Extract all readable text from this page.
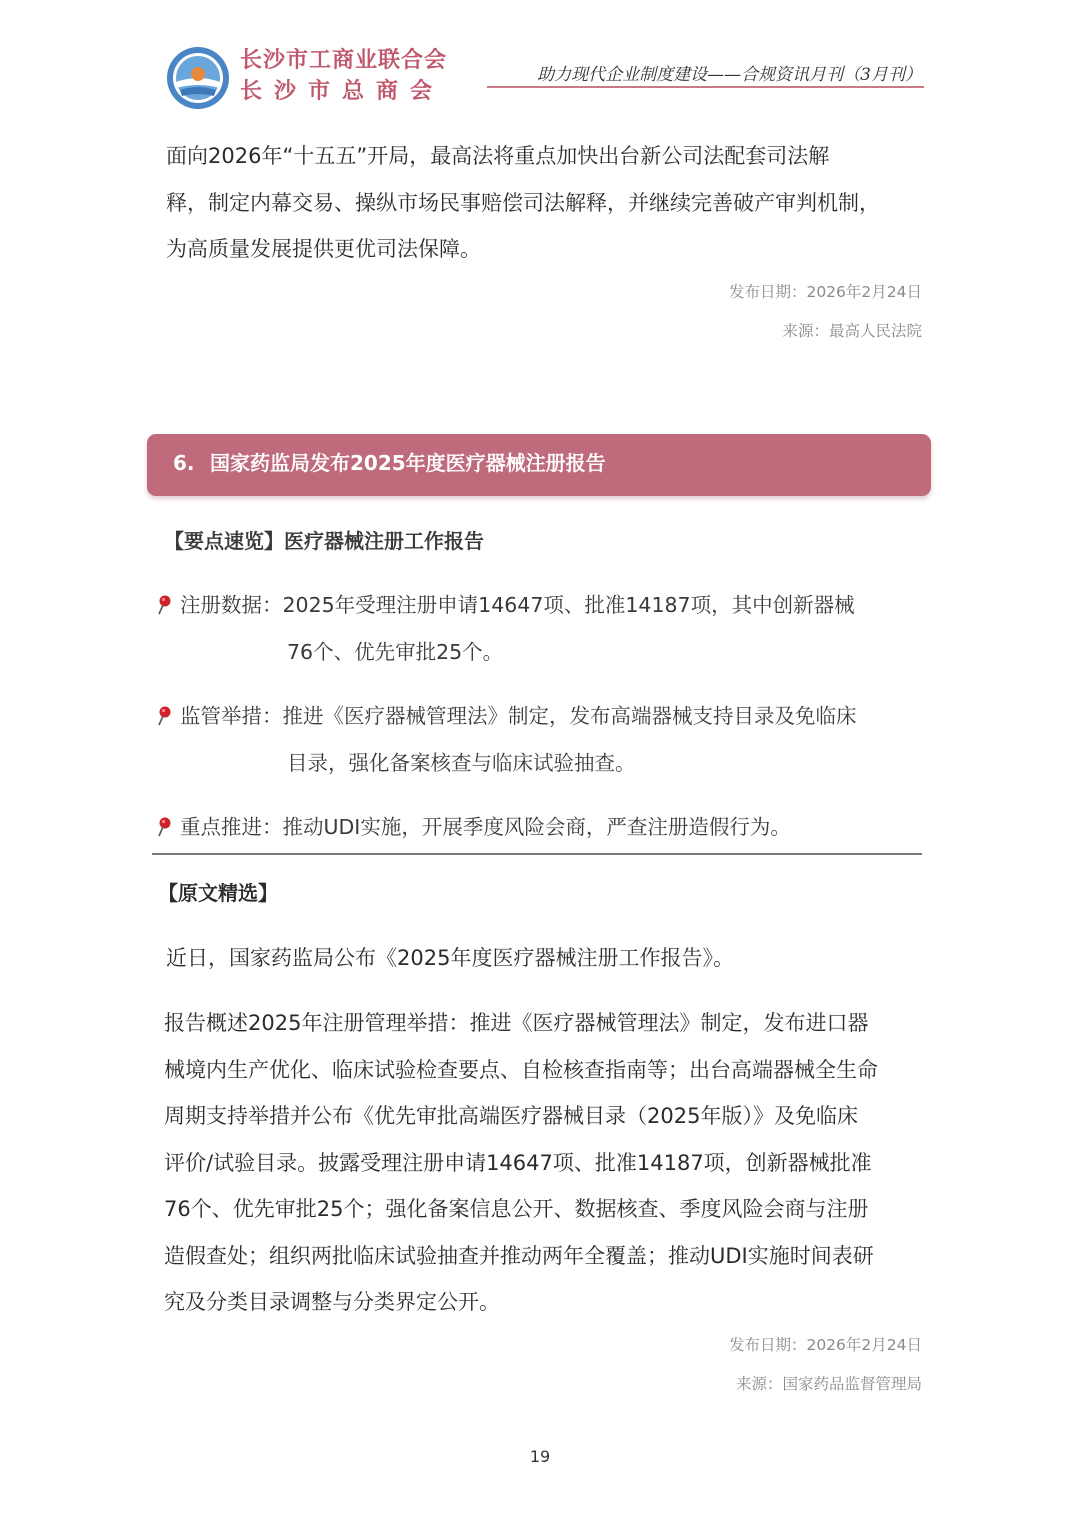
长沙市工商业联合会
长沙市总商会
助力现代企业制度建设——合规资讯月刊（3月刊）
面向2026年“十五五”开局，最高法将重点加快出台新公司法配套司法解
释，制定内幕交易、操纵市场民事赔偿司法解释，并继续完善破产审判机制，
为高质量发展提供更优司法保障。
发布日期：2026年2月24日
来源：最高人民法院
6. 国家药监局发布2025年度医疗器械注册报告
【要点速览】医疗器械注册工作报告
注册数据：2025年受理注册申请14647项、批准14187项，其中创新器械
76个、优先审批25个。
监管举措：推进《医疗器械管理法》制定，发布高端器械支持目录及免临床
目录，强化备案核查与临床试验抽查。
重点推进：推动UDI实施，开展季度风险会商，严查注册造假行为。
【原文精选】
近日，国家药监局公布《2025年度医疗器械注册工作报告》。
报告概述2025年注册管理举措：推进《医疗器械管理法》制定，发布进口器
械境内生产优化、临床试验检查要点、自检核查指南等；出台高端器械全生命
周期支持举措并公布《优先审批高端医疗器械目录（2025年版）》及免临床
评价/试验目录。披露受理注册申请14647项、批准14187项，创新器械批准
76个、优先审批25个；强化备案信息公开、数据核查、季度风险会商与注册
造假查处；组织两批临床试验抽查并推动两年全覆盖；推动UDI实施时间表研
究及分类目录调整与分类界定公开。
发布日期：2026年2月24日
来源：国家药品监督管理局
19
